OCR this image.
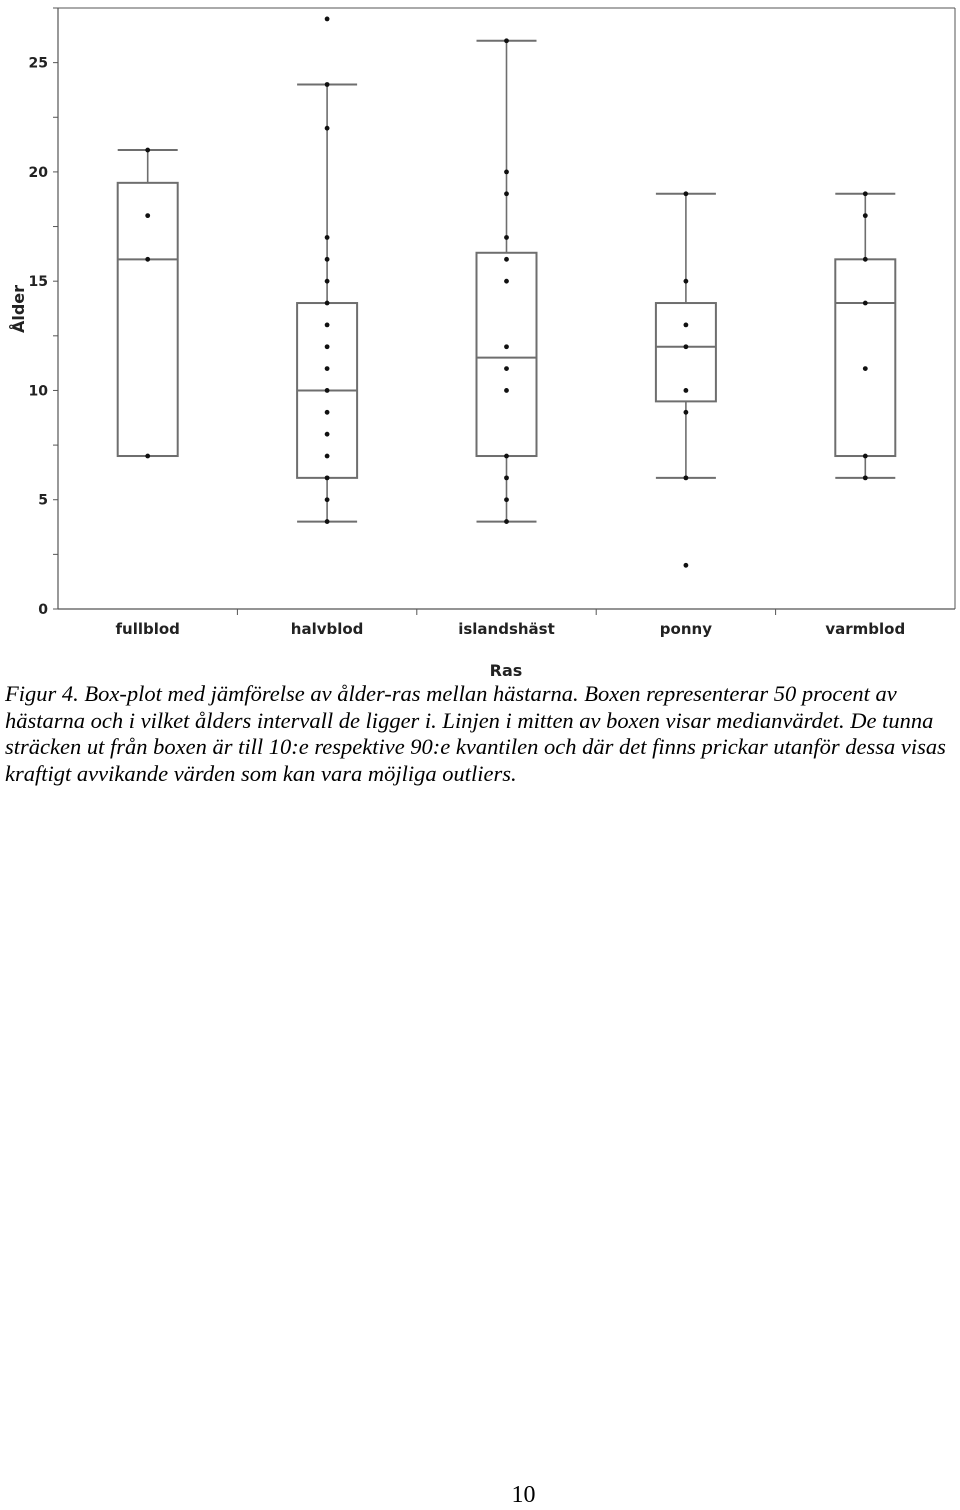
0
5
10
15
20
25
fullblod	halvblod	islandshäst	ponny	varmblod
Ålder
Ras

Figur 4. Box-plot med jämförelse av ålder-ras mellan hästarna. Boxen representerar 50 procent av hästarna och i vilket ålders intervall de ligger i. Linjen i mitten av boxen visar medianvärdet. De tunna sträcken ut från boxen är till 10:e respektive 90:e kvantilen och där det finns prickar utanför dessa visas kraftigt avvikande värden som kan vara möjliga outliers.

10
